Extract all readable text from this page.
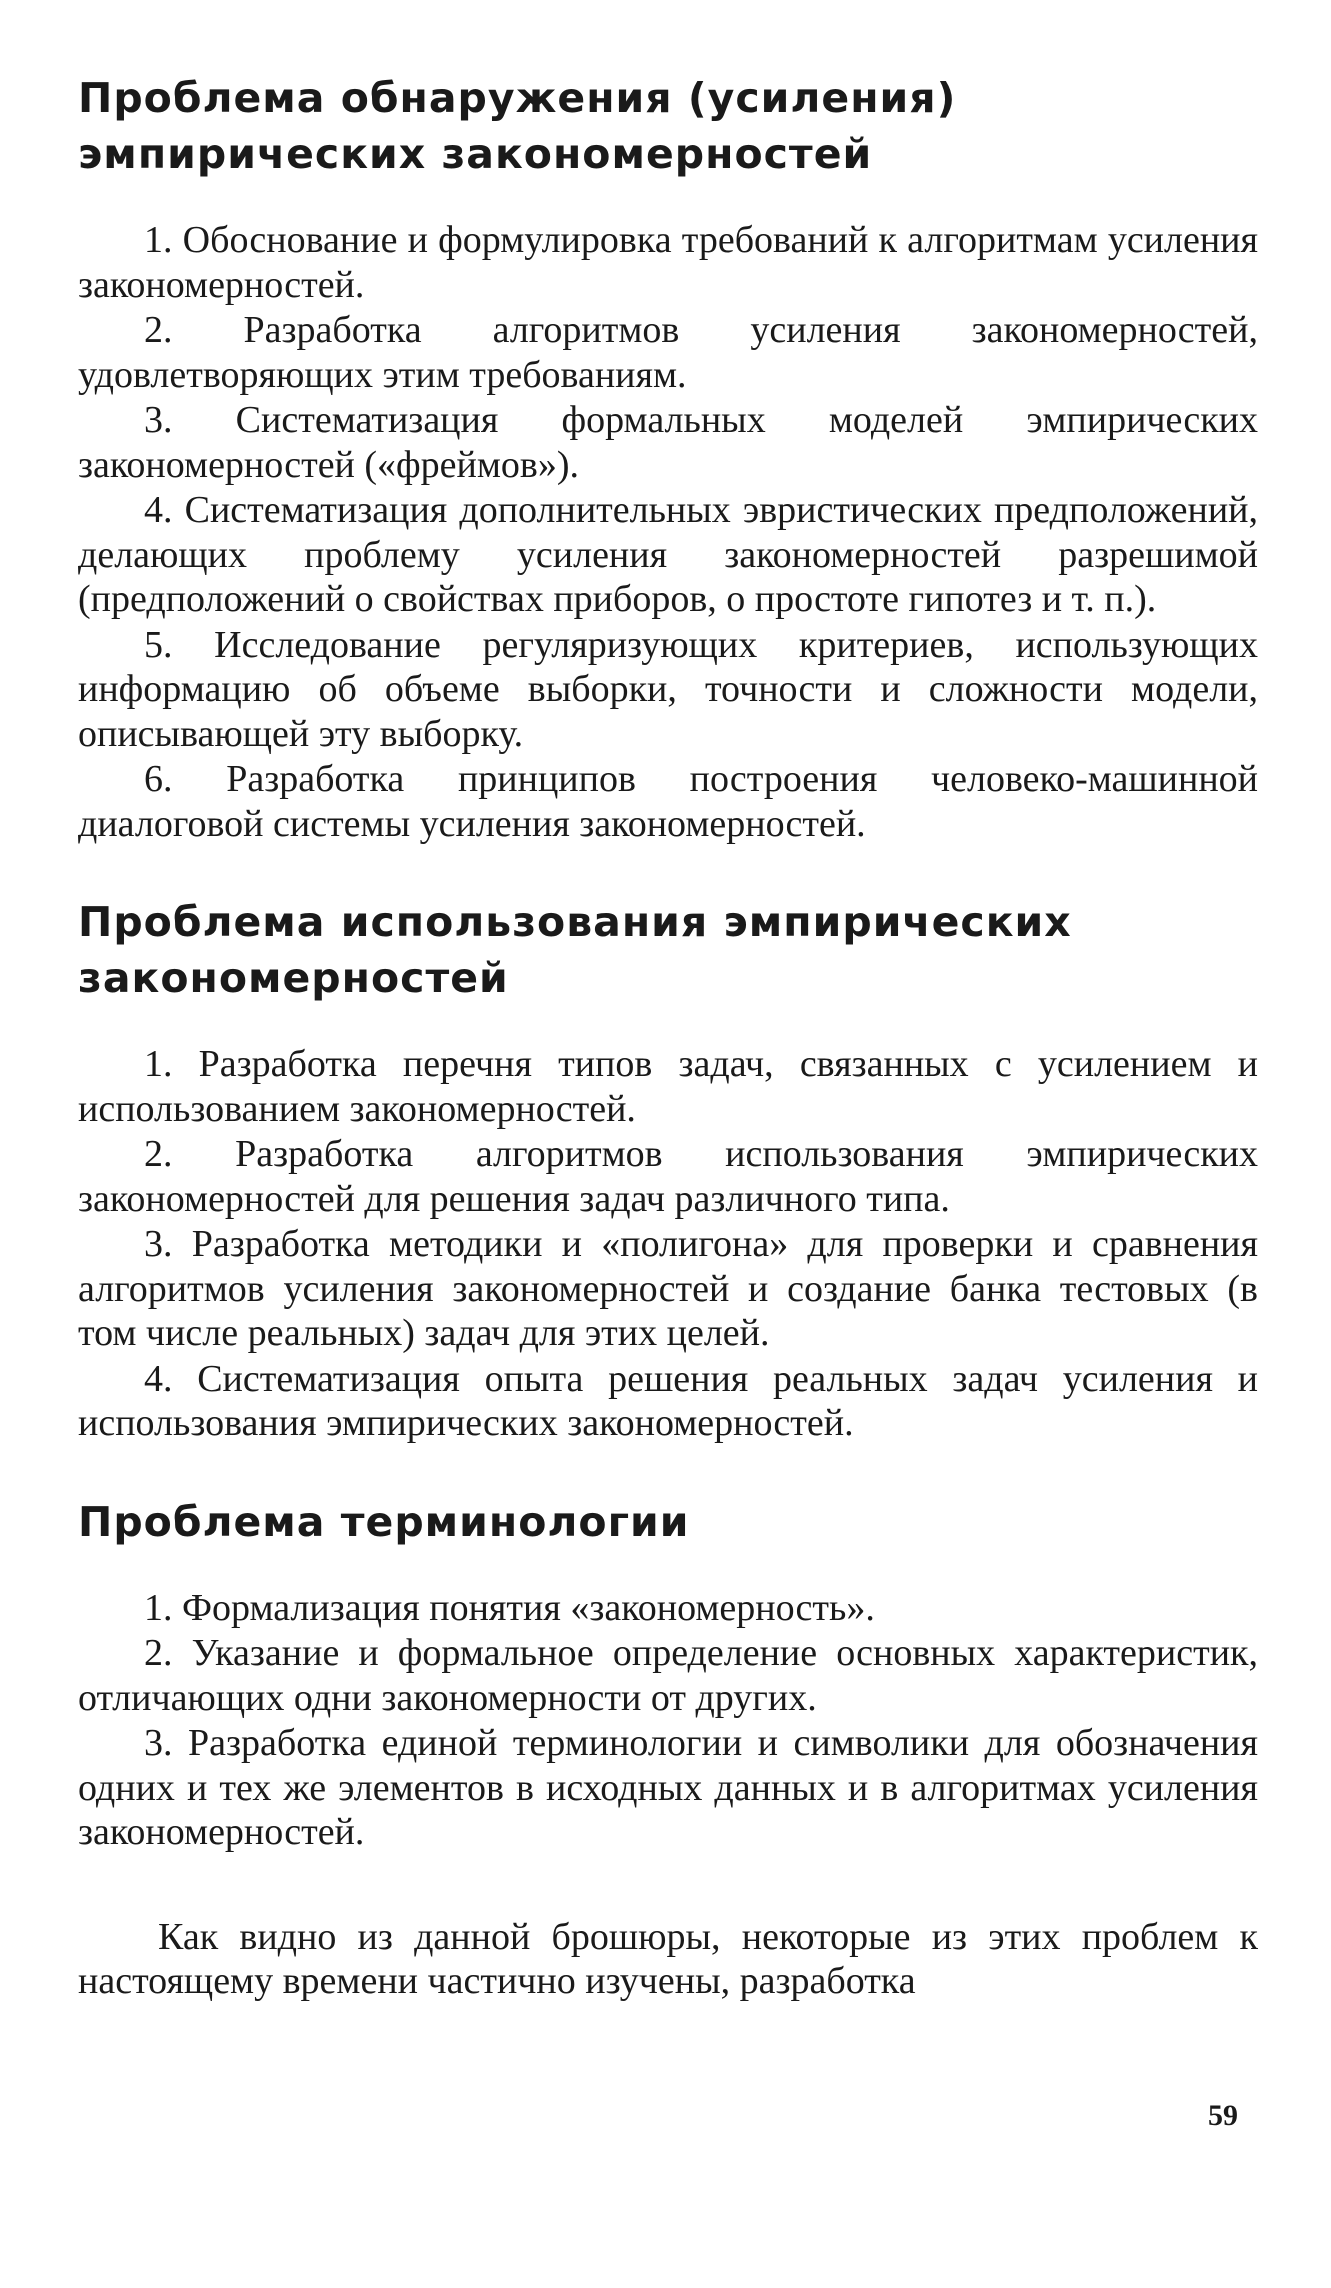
Проблема обнаружения (усиления) эмпирических закономерностей
1. Обоснование и формулировка требований к алгоритмам усиления закономерностей.
2. Разработка алгоритмов усиления закономерностей, удовлетворяющих этим требованиям.
3. Систематизация формальных моделей эмпирических закономерностей («фреймов»).
4. Систематизация дополнительных эвристических предположений, делающих проблему усиления закономерностей разрешимой (предположений о свойствах приборов, о простоте гипотез и т. п.).
5. Исследование регуляризующих критериев, использующих информацию об объеме выборки, точности и сложности модели, описывающей эту выборку.
6. Разработка принципов построения человеко-машинной диалоговой системы усиления закономерностей.
Проблема использования эмпирических закономерностей
1. Разработка перечня типов задач, связанных с усилением и использованием закономерностей.
2. Разработка алгоритмов использования эмпирических закономерностей для решения задач различного типа.
3. Разработка методики и «полигона» для проверки и сравнения алгоритмов усиления закономерностей и создание банка тестовых (в том числе реальных) задач для этих целей.
4. Систематизация опыта решения реальных задач усиления и использования эмпирических закономерностей.
Проблема терминологии
1. Формализация понятия «закономерность».
2. Указание и формальное определение основных характеристик, отличающих одни закономерности от других.
3. Разработка единой терминологии и символики для обозначения одних и тех же элементов в исходных данных и в алгоритмах усиления закономерностей.

Как видно из данной брошюры, некоторые из этих проблем к настоящему времени частично изучены, разработка

59
